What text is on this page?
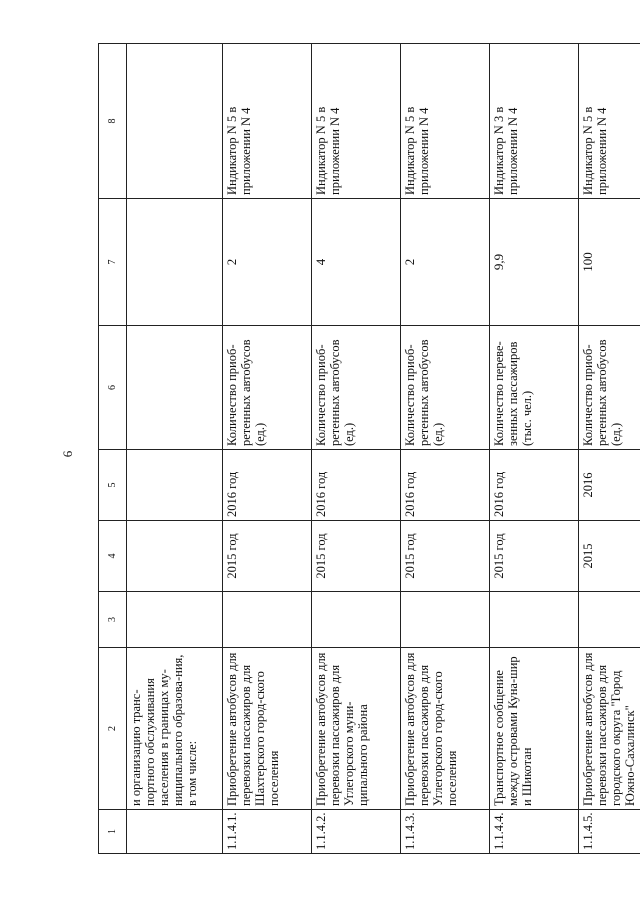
6
1	2	3	4	5	6	7	8
	и организацию транс-портного обслуживания населения в границах му-ниципального образова-ния, в том числе:						
1.1.4.1.	Приобретение автобусов для перевозки пассажиров для Шахтерского город-ского поселения		2015 год	2016 год	Количество приоб-ретенных автобусов (ед.)	2	Индикатор N 5 в приложении N 4
1.1.4.2.	Приобретение автобусов для перевозки пассажиров для Углегорского муни-ципального района		2015 год	2016 год	Количество приоб-ретенных автобусов (ед.)	4	Индикатор N 5 в приложении N 4
1.1.4.3.	Приобретение автобусов для перевозки пассажиров для Углегорского город-ского поселения		2015 год	2016 год	Количество приоб-ретенных автобусов (ед.)	2	Индикатор N 5 в приложении N 4
1.1.4.4.	Транспортное сообщение между островами Куна-шир и Шикотан		2015 год	2016 год	Количество переве-зенных пассажиров (тыс. чел.)	9,9	Индикатор N 3 в приложении N 4
1.1.4.5.	Приобретение автобусов для перевозки пассажиров для городского округа "Город Южно-Сахалинск"		2015	2016	Количество приоб-ретенных автобусов (ед.)	100	Индикатор N 5 в приложении N 4
